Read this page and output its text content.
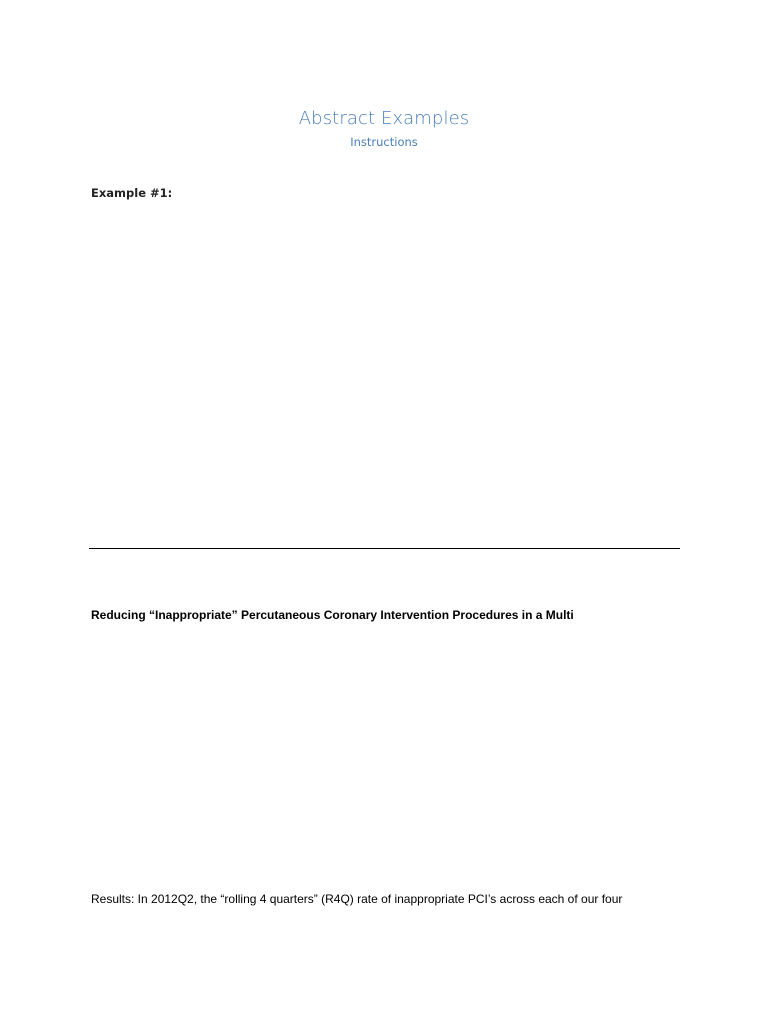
Abstract Examples
Instructions
Example #1:
Reducing “Inappropriate” Percutaneous Coronary Intervention Procedures in a Multi
Results: In 2012Q2, the “rolling 4 quarters” (R4Q) rate of inappropriate PCI’s across each of our four
